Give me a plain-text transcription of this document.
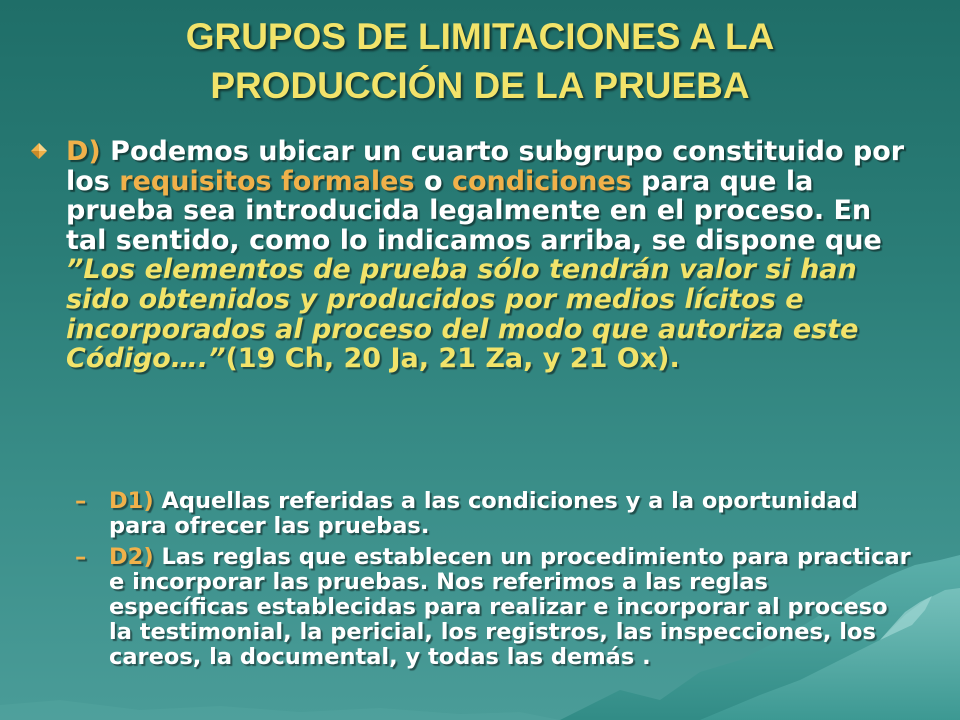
GRUPOS DE LIMITACIONES A LA
PRODUCCIÓN DE LA PRUEBA

D) Podemos ubicar un cuarto subgrupo constituido por los requisitos formales o condiciones para que la prueba sea introducida legalmente en el proceso. En tal sentido, como lo indicamos arriba, se dispone que ”Los elementos de prueba sólo tendrán valor si han sido obtenidos y producidos por medios lícitos e incorporados al proceso del modo que autoriza este Código….”(19 Ch, 20 Ja, 21 Za, y 21 Ox).

– D1) Aquellas referidas a las condiciones y a la oportunidad para ofrecer las pruebas.

– D2) Las reglas que establecen un procedimiento para practicar e incorporar las pruebas. Nos referimos a las reglas específicas establecidas para realizar e incorporar al proceso la testimonial, la pericial, los registros, las inspecciones, los careos, la documental, y todas las demás .
